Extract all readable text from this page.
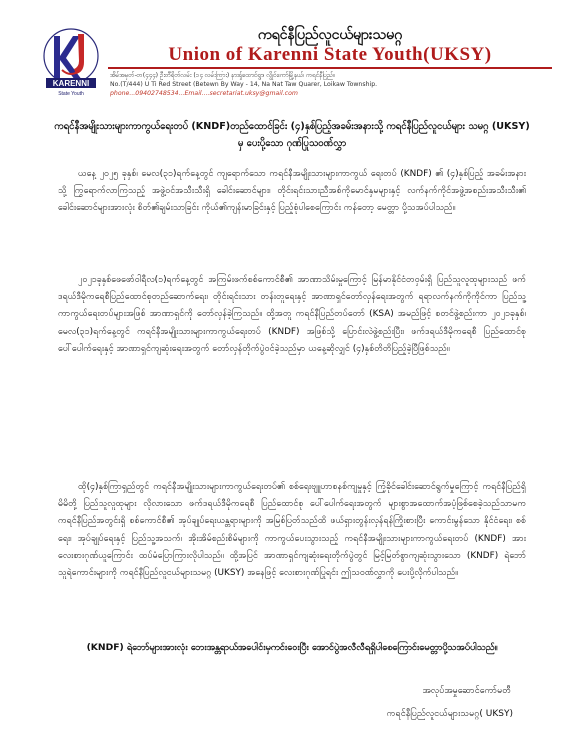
KARENNI
State Youth
ကရင်နီပြည်လူငယ်များသမဂ္ဂ
Union of Karenni State Youth(UKSY)
အိမ်အမှတ်-တ(၄၄၄) ဦးတီရိတ်လမ်း (၁၄ လမ်းကြား) နားရှ်ထောင်ရွာ၊ လွိုင်ကော်မြို့နယ်၊ ကရင်နီပြည်။
No.(T/444) U Ti Red Street (Betewn By Way - 14, Na Nat Taw Quarer, Loikaw Township.
phone...09402748534...Email....secretariat.uksy@gmail.com
ကရင်နီအမျိုးသားများကာကွယ်ရေးတပ် (KNDF)တည်ထောင်ခြင်း (၄)နှစ်ပြည့်အခမ်းအနားသို့ ကရင်နီပြည်လူငယ်များ သမဂ္ဂ (UKSY) မှ ပေးပို့သော ဂုဏ်ပြုသဝဏ်လွှာ

ယနေ့ ၂၀၂၅ ခုနှစ်၊ မေလ(၃၁)ရက်နေ့တွင် ကျရောက်သော ကရင်နီအမျိုးသားများကာကွယ် ရေးတပ် (KNDF) ၏ (၄)နှစ်ပြည့် အခမ်းအနားသို့ ကြွရောက်လာကြသည့် အဖွဲ့ဝင်အသီးသီးရှိ ခေါင်းဆောင်များ၊ တိုင်းရင်းသားညီအစ်ကိုမောင်နှမများနှင့် လက်နက်ကိုင်အဖွဲ့အစည်းအသီးသီး၏ ခေါင်းဆောင်များအားလုံး စိတ်၏ချမ်းသာခြင်း ကိုယ်၏ကျန်းမာခြင်းနှင့် ပြည့်စုံပါစေကြောင်း ကန်တော့ မေတ္တာ ပို့သအပ်ပါသည်။

၂၀၂၁ခုနှစ်ဖေဖော်ဝါရီလ(၁)ရက်နေ့တွင် အကြမ်းဖက်စစ်ကောင်စီ၏ အာဏာသိမ်းမှုကြောင့် မြန်မာနိုင်ငံတဝှမ်းရှိ ပြည်သူလူထုများသည် ဖက်ဒရယ်ဒီမိုကရေစီပြည်ထောင်စုတည်ဆောက်ရေး၊ တိုင်းရင်းသား တန်းတူရေးနှင့် အာဏာရှင်တော်လှန်ရေးအတွက် ရရာလက်နက်ကိုကိုင်ကာ ပြည်သူ့ကာကွယ်ရေးတပ်များအဖြစ် အာဏာရှင်ကို တော်လှန်ခဲ့ကြသည်။ ထို့အတူ ကရင်နီပြည်တပ်တော် (KSA) အမည်ဖြင့် စတင်ဖွဲ့စည်းကာ ၂၀၂၁ခုနှစ်၊ မေလ(၃၁)ရက်နေ့တွင် ကရင်နီအမျိုးသားများကာကွယ်ရေးတပ် (KNDF) အဖြစ်သို့ ပြောင်းလဲဖွဲ့စည်းပြီး၊ ဖက်ဒရယ်ဒီမိုကရေစီ ပြည်ထောင်စုပေါ်ပေါက်ရေးနှင့် အာဏာရှင်ကျဆုံးရေးအတွက် တော်လှန်တိုက်ပွဲဝင်ခဲ့သည်မှာ ယနေ့ဆိုလျှင် (၄)နှစ်တိတိပြည့်ခဲ့ပြီဖြစ်သည်။

ထို(၄)နှစ်ကြာရှည်တွင် ကရင်နီအမျိုးသားများကာကွယ်ရေးတပ်၏ စစ်ရေးဗျူဟာစနစ်ကျမှုနှင့် ကြံ့ခိုင်ခေါင်းဆောင်ရွက်မှုကြောင့် ကရင်နီပြည်ရှိ မိမိတို့ ပြည်သူလူထုများ လိုလားသော ဖက်ဒရယ်ဒီမိုကရေစီ ပြည်ထောင်စု ပေါ်ပေါက်ရေးအတွက် များစွာအထောက်အပံ့ဖြစ်စေခဲ့သည်သာမက ကရင်နီပြည်အတွင်းရှိ စစ်ကောင်စီ၏ အုပ်ချုပ်ရေးယန္တရားများကို အမြစ်ပြတ်သည်ထိ ဖယ်ရှားတွန်းလှန်ရန်ကြိုးစားပြီး ကောင်းမွန်သော နိုင်ငံရေး၊ စစ်ရေး၊ အုပ်ချုပ်ရေးနှင့် ပြည်သူ့အသက်၊ အိုးအိမ်စည်းစိမ်များကို ကာကွယ်ပေးသွားသည့် ကရင်နီအမျိုးသားများကာကွယ်ရေးတပ် (KNDF) အား လေးစားဂုဏ်ယူကြောင်း ထပ်မံပြောကြားလိုပါသည်။ ထို့အပြင် အာဏာရှင်ကျဆုံးရေးတိုက်ပွဲတွင် မြင့်မြတ်စွာကျဆုံးသွားသော (KNDF) ရဲဘော်သူရဲကောင်းများကို ကရင်နီပြည်လူငယ်များသမဂ္ဂ (UKSY) အနေဖြင့် လေးစားဂုဏ်ပြုရင်း ဤသဝဏ်လွှာကို ပေးပို့လိုက်ပါသည်။

(KNDF) ရဲဘော်များအားလုံး ဘေးအန္တရာယ်အပေါင်းမှကင်းဝေးပြီး အောင်ပွဲအလီလီရရှိပါစေကြောင်းမေတ္တာပို့သအပ်ပါသည်။
အလုပ်အမှုဆောင်ကော်မတီ
ကရင်နီပြည်လူငယ်များသမဂ္ဂ( UKSY)
